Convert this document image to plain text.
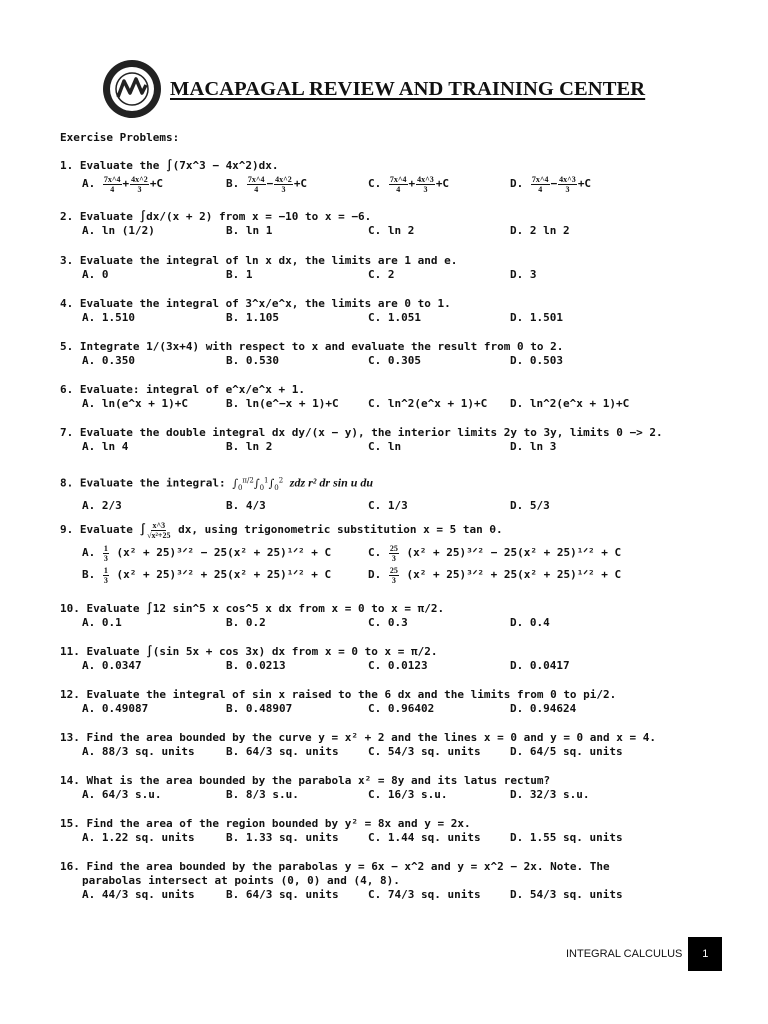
MACAPAGAL REVIEW AND TRAINING CENTER
Exercise Problems:
1. Evaluate the ∫(7x^3 − 4x^2)dx.
A. $\frac{7x\^{}4}{4} + \frac{4x\^{}2}{3} +C$	B. $\frac{7x\^{}4}{4} - \frac{4x\^{}2}{3} +C$	C. $\frac{7x\^{}4}{4} + \frac{4x\^{}3}{3} +C$	D. $\frac{7x\^{}4}{4} - \frac{4x\^{}3}{3} +C$
2. Evaluate ∫dx/(x + 2) from x = −10 to x = −6.
A. ln (1/2)	B. ln 1	C. ln 2	D. 2 ln 2
3. Evaluate the integral of ln x dx, the limits are 1 and e.
A. 0	B. 1	C. 2	D. 3
4. Evaluate the integral of 3^x/e^x, the limits are 0 to 1.
A. 1.510	B. 1.105	C. 1.051	D. 1.501
5. Integrate 1/(3x+4) with respect to x and evaluate the result from 0 to 2.
A. 0.350	B. 0.530	C. 0.305	D. 0.503
6. Evaluate: integral of e^x/e^x + 1.
A. ln(e^x + 1)+C	B. ln(e^−x + 1)+C	C. ln^2(e^x + 1)+C D. ln^2(e^x + 1)+C
7. Evaluate the double integral dx dy/(x − y), the interior limits 2y to 3y, limits 0 −> 2.
A. ln 4	B. ln 2	C. ln	D. ln 3
8. Evaluate the integral: $\int_0^{\pi/2}\int_0^1\int_0^2$ zdz r² dr sin u du
A. 2/3	B. 4/3	C. 1/3	D. 5/3
9. Evaluate ∫ $\frac{x\^{}3}{\text{√x²+25}}$ dx, using trigonometric substitution x = 5 tan θ.
A. $\frac{1}{3} (x^2$ + 25)³ᐟ² − 25(x² + 25)¹ᐟ² + C	C. $\frac{25}{3} (x^2$ + 25)³ᐟ² − 25(x² + 25)¹ᐟ² + C
B. $\frac{1}{3} (x^2$ + 25)³ᐟ² + 25(x² + 25)¹ᐟ² + C	D. $\frac{25}{3} (x^2$ + 25)³ᐟ² + 25(x² + 25)¹ᐟ² + C
10. Evaluate ∫12 sin^5 x cos^5 x dx from x = 0 to x = π/2.
A. 0.1	B. 0.2	C. 0.3	D. 0.4
11. Evaluate ∫(sin 5x + cos 3x) dx from x = 0 to x = π/2.
A. 0.0347	B. 0.0213	C. 0.0123	D. 0.0417
12. Evaluate the integral of sin x raised to the 6 dx and the limits from 0 to pi/2.
A. 0.49087	B. 0.48907	C. 0.96402	D. 0.94624
13. Find the area bounded by the curve y = x² + 2 and the lines x = 0 and y = 0 and x = 4.
A. 88/3 sq. units	B. 64/3 sq. units	C. 54/3 sq. units	D. 64/5 sq. units
14. What is the area bounded by the parabola x² = 8y and its latus rectum?
A. 64/3 s.u.	B. 8/3 s.u.	C. 16/3 s.u.	D. 32/3 s.u.
15. Find the area of the region bounded by y² = 8x and y = 2x.
A. 1.22 sq. units	B. 1.33 sq. units	C. 1.44 sq. units	D. 1.55 sq. units
16. Find the area bounded by the parabolas y = 6x − x^2 and y = x^2 − 2x. Note. The
parabolas intersect at points (0, 0) and (4, 8).
A. 44/3 sq. units	B. 64/3 sq. units	C. 74/3 sq. units	D. 54/3 sq. units
INTEGRAL CALCULUS	1
